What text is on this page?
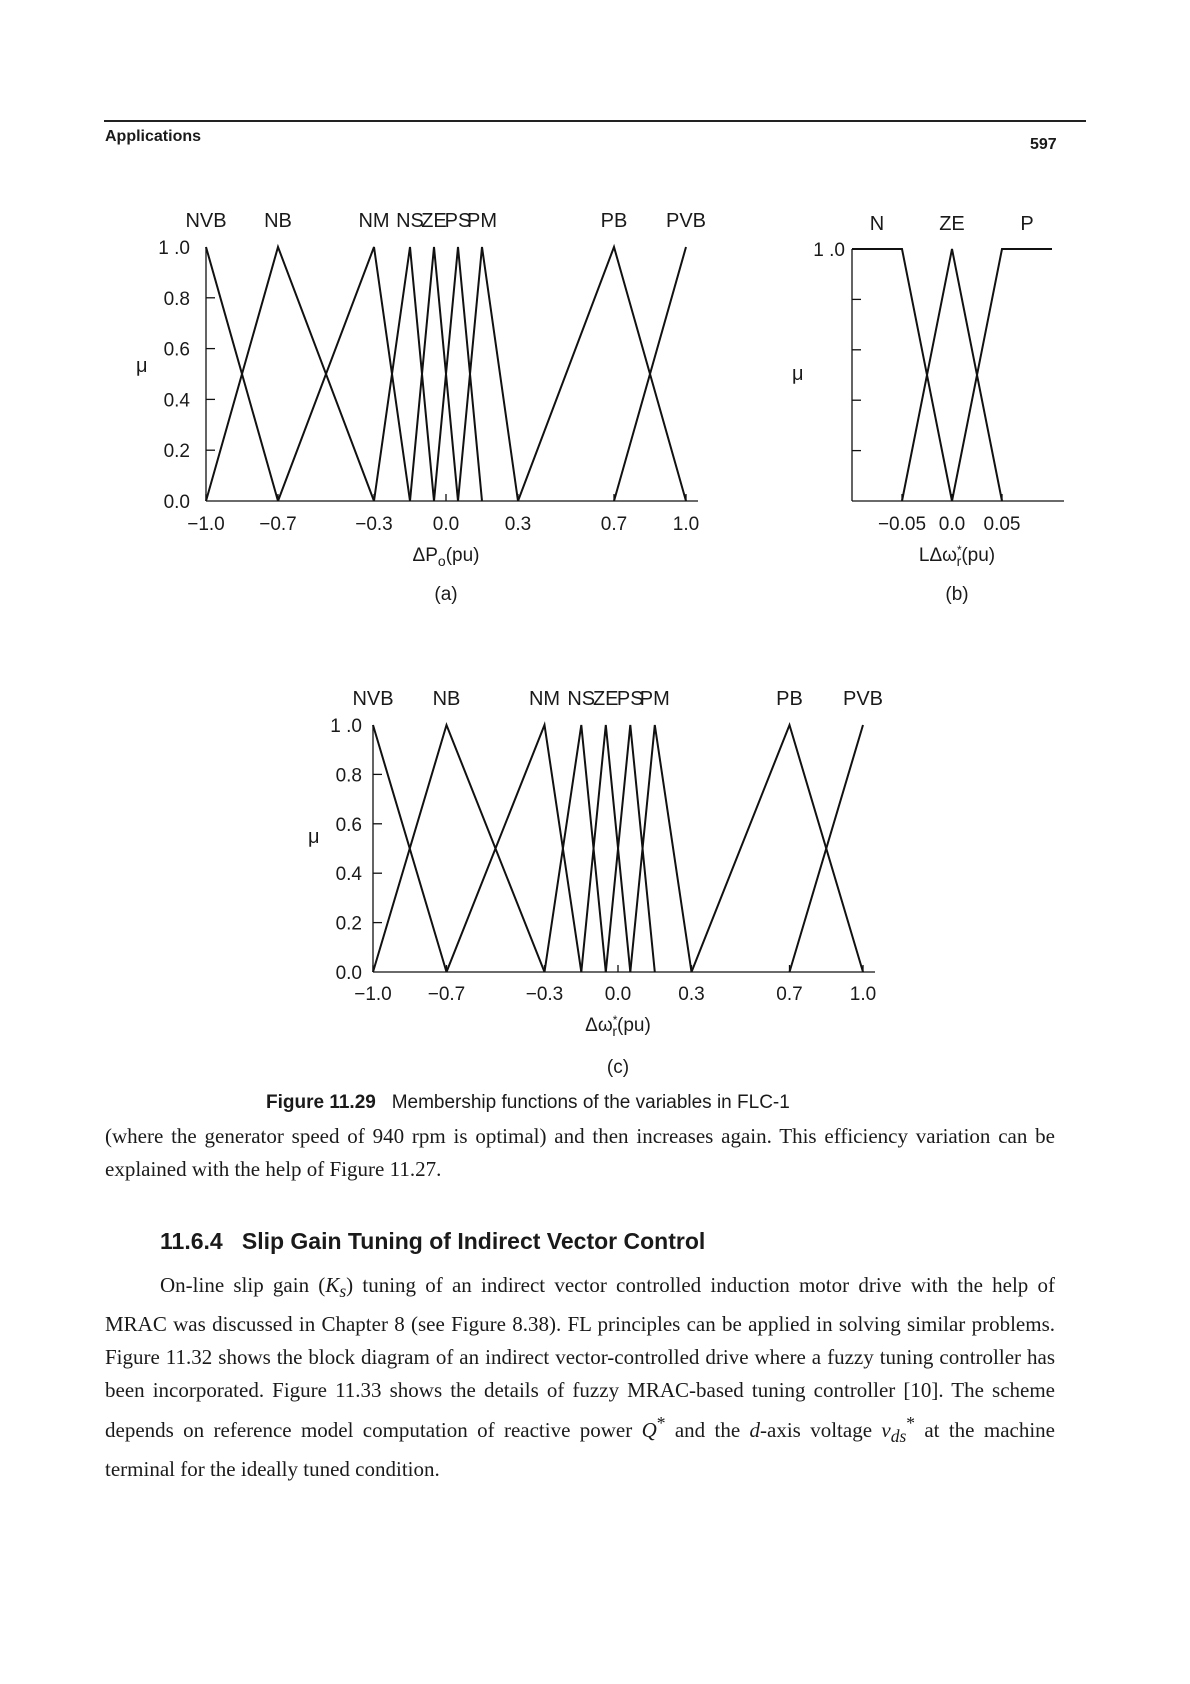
Applications	597
0.0
0.2
0.4
0.6
0.8
1 .0
−1.0 −0.7	−0.3 0.0 0.3	0.7 1.0
NVB NB	NM NS
ZE
PS
PM	PB PVB
μ
$\Delta P_o(pu)$
(a)
1 .0
−0.05 0.0 0.05
N	ZE	P
μ
LΔω* r(pu)
(b)
0.0
0.2
0.4
0.6
0.8
1 .0
−1.0 −0.7	−0.3 0.0 0.3	0.7 1.0
NVB NB	NM NS
ZE
PS
PM	PB PVB
μ
Δω* r(pu)
(c)
Figure 11.29 Membership functions of the variables in FLC-1
(where the generator speed of 940 rpm is optimal) and then increases again. This efficiency variation can be explained with the help of Figure 11.27.
11.6.4 Slip Gain Tuning of Indirect Vector Control
On-line slip gain $(K_s)$ tuning of an indirect vector controlled induction motor drive with the help of MRAC was discussed in Chapter 8 (see Figure 8.38). FL principles can be applied in solving similar problems. Figure 11.32 shows the block diagram of an indirect vector-controlled drive where a fuzzy tuning controller has been incorporated. Figure 11.33 shows the details of fuzzy MRAC-based tuning controller [10]. The scheme depends on reference model computation of reactive power Q* and the d-axis voltage $v_{ds}^*$ at the machine terminal for the ideally tuned condition.
